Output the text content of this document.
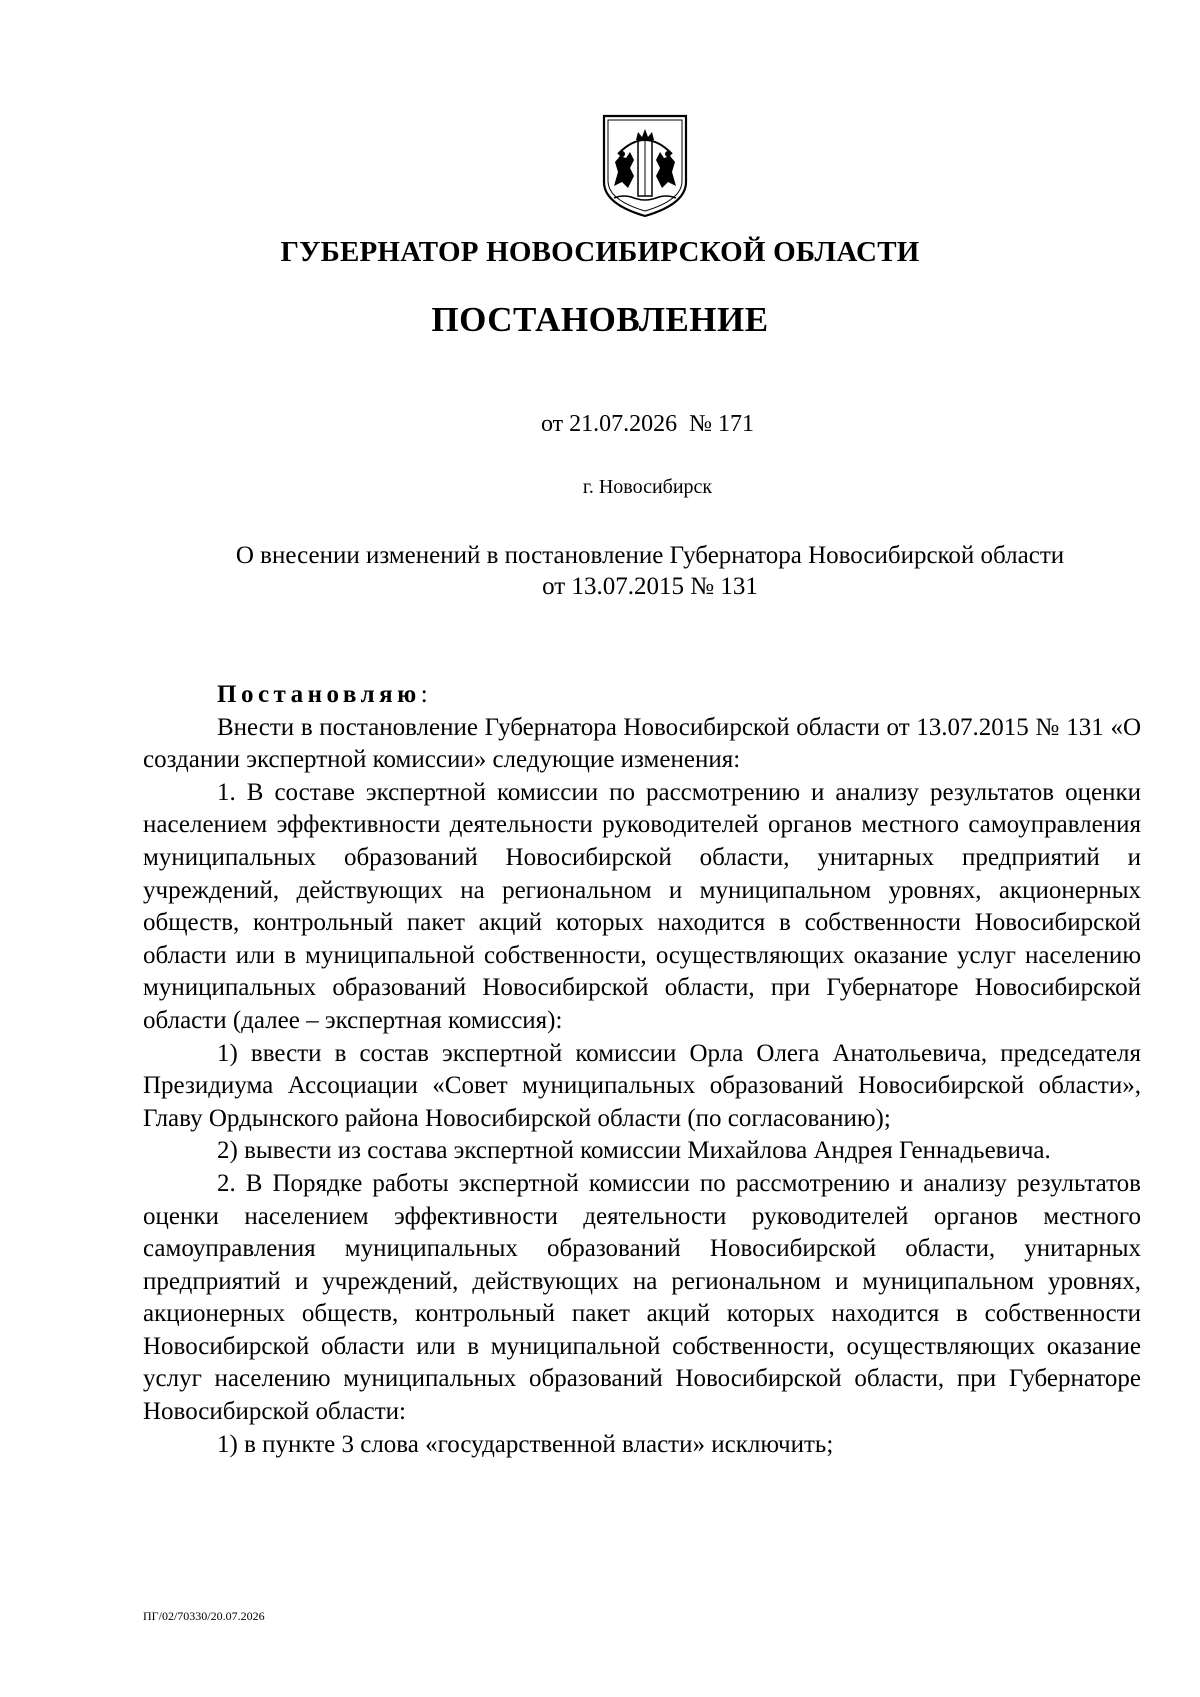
ГУБЕРНАТОР НОВОСИБИРСКОЙ ОБЛАСТИ
ПОСТАНОВЛЕНИЕ
от 21.07.2026  № 171
г. Новосибирск
О внесении изменений в постановление Губернатора Новосибирской области
от 13.07.2015 № 131

Постановляю:

Внести в постановление Губернатора Новосибирской области от 13.07.2015 № 131 «О создании экспертной комиссии» следующие изменения:

1. В составе экспертной комиссии по рассмотрению и анализу результатов оценки населением эффективности деятельности руководителей органов местного самоуправления муниципальных образований Новосибирской области, унитарных предприятий и учреждений, действующих на региональном и муниципальном уровнях, акционерных обществ, контрольный пакет акций которых находится в собственности Новосибирской области или в муниципальной собственности, осуществляющих оказание услуг населению муниципальных образований Новосибирской области, при Губернаторе Новосибирской области (далее – экспертная комиссия):

1) ввести в состав экспертной комиссии Орла Олега Анатольевича, председателя Президиума Ассоциации «Совет муниципальных образований Новосибирской области», Главу Ордынского района Новосибирской области (по согласованию);

2) вывести из состава экспертной комиссии Михайлова Андрея Геннадьевича.

2. В Порядке работы экспертной комиссии по рассмотрению и анализу результатов оценки населением эффективности деятельности руководителей органов местного самоуправления муниципальных образований Новосибирской области, унитарных предприятий и учреждений, действующих на региональном и муниципальном уровнях, акционерных обществ, контрольный пакет акций которых находится в собственности Новосибирской области или в муниципальной собственности, осуществляющих оказание услуг населению муниципальных образований Новосибирской области, при Губернаторе Новосибирской области:

1) в пункте 3 слова «государственной власти» исключить;

ПГ/02/70330/20.07.2026
